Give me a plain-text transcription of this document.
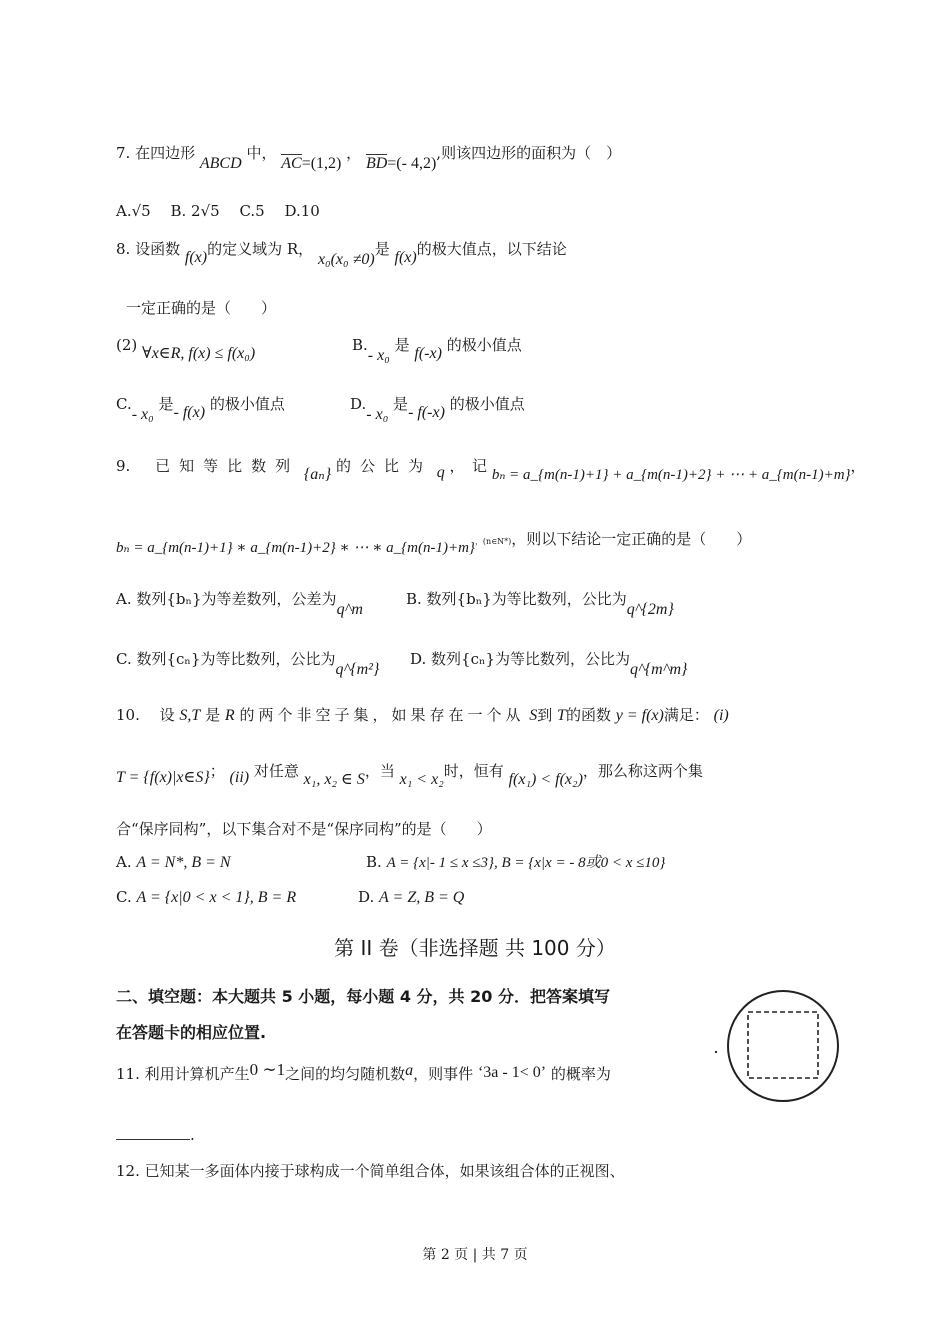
7. 在四边形 ABCD 中， AC=(1,2) ， BD=(- 4,2),则该四边形的面积为（　）
A.√5　 B. 2√5　 C.5　 D.10
8. 设函数 f(x)的定义域为 R， x₀(x₀ ≠0)是 f(x)的极大值点，以下结论
一定正确的是（　　）
(2) ∀x∈R, f(x) ≤ f(x₀)	B.- x₀ 是 f(-x) 的极小值点
C.- x₀ 是- f(x) 的极小值点	D.- x₀ 是- f(-x) 的极小值点
9. 已知等比数列 {aₙ} 的公比为 q ，　记 bₙ = a_{m(n-1)+1} + a_{m(n-1)+2} + ⋯ + a_{m(n-1)+m}，
bₙ = a_{m(n-1)+1} ∗ a_{m(n-1)+2} ∗ ⋯ ∗ a_{m(n-1)+m}，(n∈N*)，则以下结论一定正确的是（　　）
A. 数列{bₙ}为等差数列，公差为q^m
B. 数列{bₙ}为等比数列，公比为q^{2m}
C. 数列{cₙ}为等比数列，公比为q^{m²}
D. 数列{cₙ}为等比数列，公比为q^{m^m}
10.　 设 S,T 是 R 的两个非空子集，如果存在一个从 S到 T的函数 y = f(x)满足： (i)
T = {f(x)|x∈S}； (ii) 对任意 x₁, x₂ ∈ S，当 x₁ < x₂时，恒有 f(x₁) < f(x₂)，那么称这两个集
合“保序同构”，以下集合对不是“保序同构”的是（　　）
A. A = N*, B = N	B. A = {x|- 1 ≤ x ≤3}, B = {x|x = - 8或0 < x ≤10}
C. A = {x|0 < x < 1}, B = R	D. A = Z, B = Q
第 II 卷（非选择题 共 100 分）
二、填空题：本大题共 5 小题，每小题 4 分，共 20 分．把答案填写
在答题卡的相应位置.
11. 利用计算机产生0 ∼1之间的均匀随机数a，则事件 ‘3a - 1< 0’ 的概率为
.
12. 已知某一多面体内接于球构成一个简单组合体，如果该组合体的正视图、
第 2 页 | 共 7 页
